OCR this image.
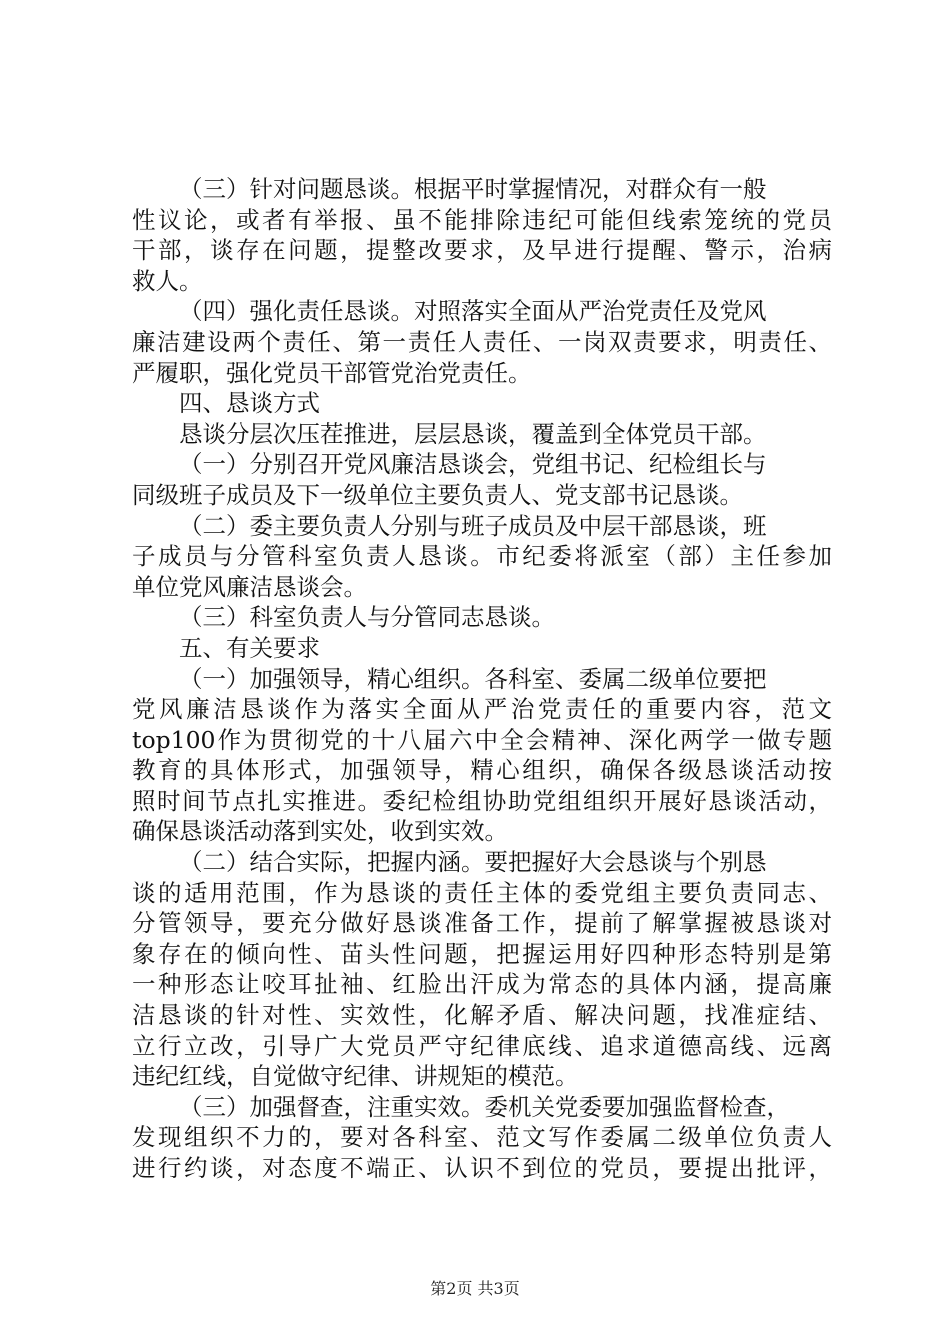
（三）针对问题恳谈。根据平时掌握情况，对群众有一般
性议论，或者有举报、虽不能排除违纪可能但线索笼统的党员
干部，谈存在问题，提整改要求，及早进行提醒、警示，治病
救人。
（四）强化责任恳谈。对照落实全面从严治党责任及党风
廉洁建设两个责任、第一责任人责任、一岗双责要求，明责任、
严履职，强化党员干部管党治党责任。
四、恳谈方式
恳谈分层次压茬推进，层层恳谈，覆盖到全体党员干部。
（一）分别召开党风廉洁恳谈会，党组书记、纪检组长与
同级班子成员及下一级单位主要负责人、党支部书记恳谈。
（二）委主要负责人分别与班子成员及中层干部恳谈，班
子成员与分管科室负责人恳谈。市纪委将派室（部）主任参加
单位党风廉洁恳谈会。
（三）科室负责人与分管同志恳谈。
五、有关要求
（一）加强领导，精心组织。各科室、委属二级单位要把
党风廉洁恳谈作为落实全面从严治党责任的重要内容，范文
top100作为贯彻党的十八届六中全会精神、深化两学一做专题
教育的具体形式，加强领导，精心组织，确保各级恳谈活动按
照时间节点扎实推进。委纪检组协助党组组织开展好恳谈活动，
确保恳谈活动落到实处，收到实效。
（二）结合实际，把握内涵。要把握好大会恳谈与个别恳
谈的适用范围，作为恳谈的责任主体的委党组主要负责同志、
分管领导，要充分做好恳谈准备工作，提前了解掌握被恳谈对
象存在的倾向性、苗头性问题，把握运用好四种形态特别是第
一种形态让咬耳扯袖、红脸出汗成为常态的具体内涵，提高廉
洁恳谈的针对性、实效性，化解矛盾、解决问题，找准症结、
立行立改，引导广大党员严守纪律底线、追求道德高线、远离
违纪红线，自觉做守纪律、讲规矩的模范。
（三）加强督查，注重实效。委机关党委要加强监督检查，
发现组织不力的，要对各科室、范文写作委属二级单位负责人
进行约谈，对态度不端正、认识不到位的党员，要提出批评，
第2页 共3页
